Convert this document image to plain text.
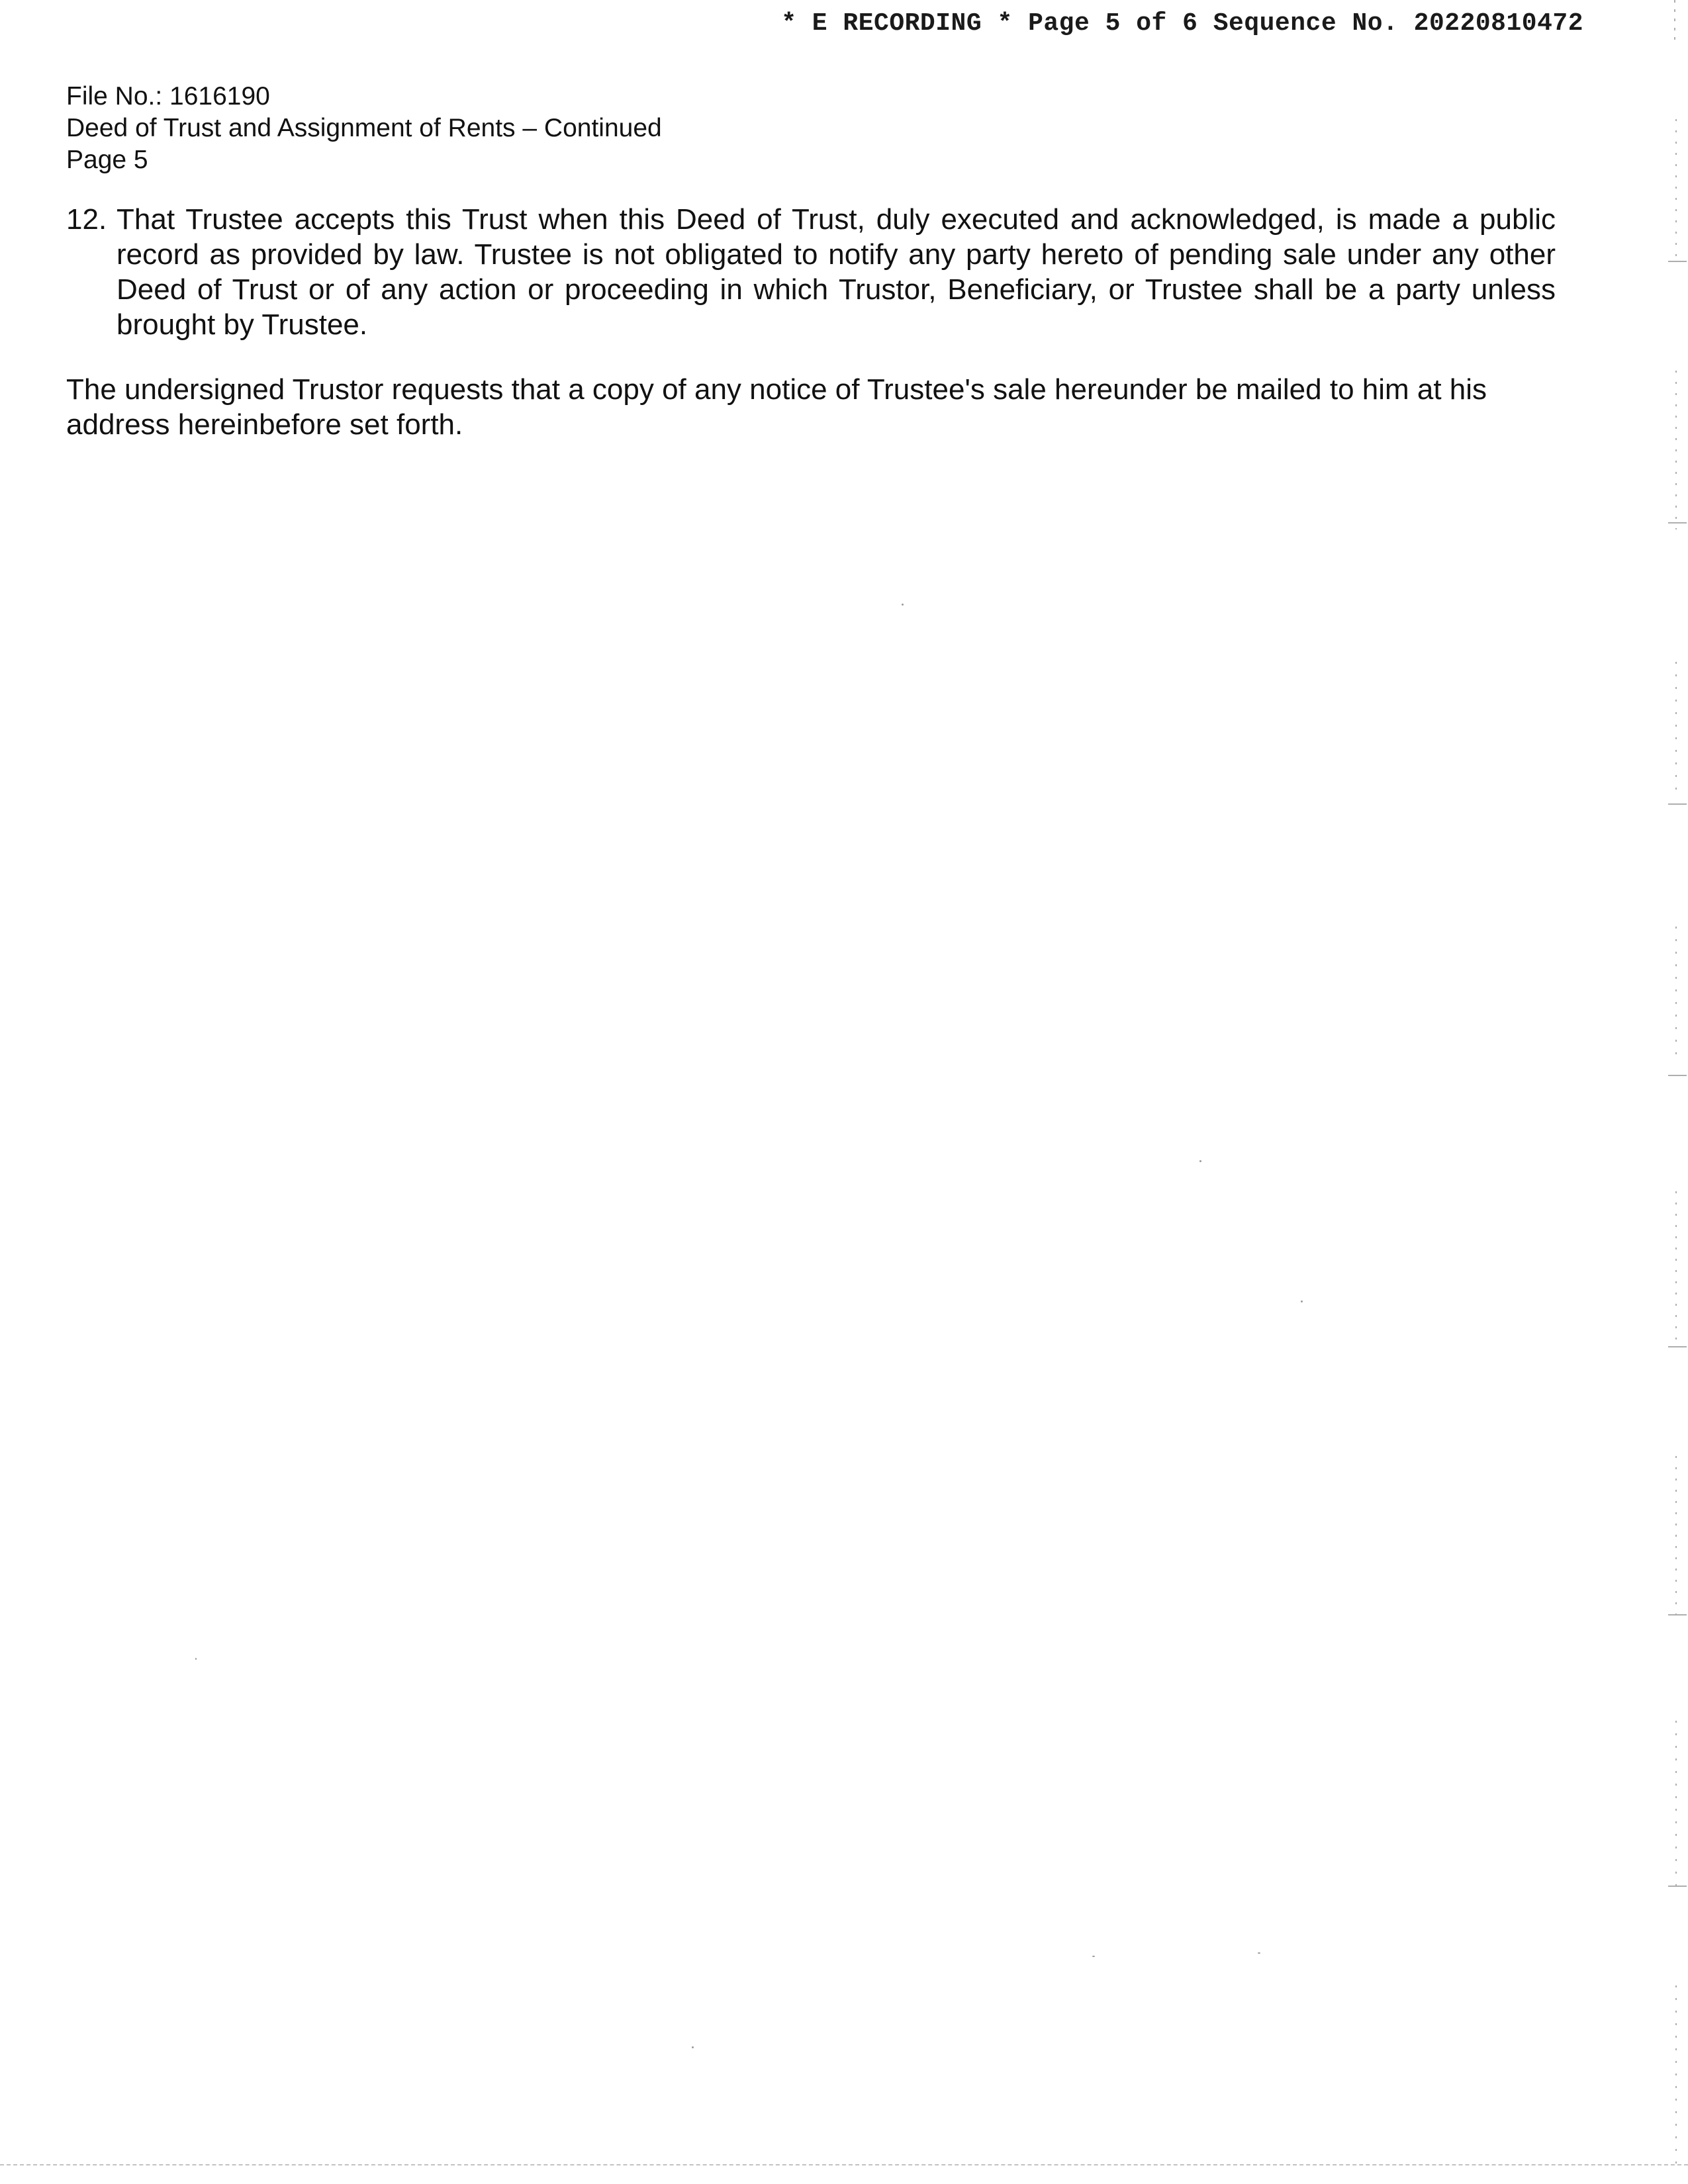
* E RECORDING * Page 5 of 6 Sequence No. 20220810472
File No.: 1616190
Deed of Trust and Assignment of Rents – Continued
Page 5
12. That Trustee accepts this Trust when this Deed of Trust, duly executed and acknowledged, is made a public record as provided by law. Trustee is not obligated to notify any party hereto of pending sale under any other Deed of Trust or of any action or proceeding in which Trustor, Beneficiary, or Trustee shall be a party unless brought by Trustee.
The undersigned Trustor requests that a copy of any notice of Trustee's sale hereunder be mailed to him at his address hereinbefore set forth.
